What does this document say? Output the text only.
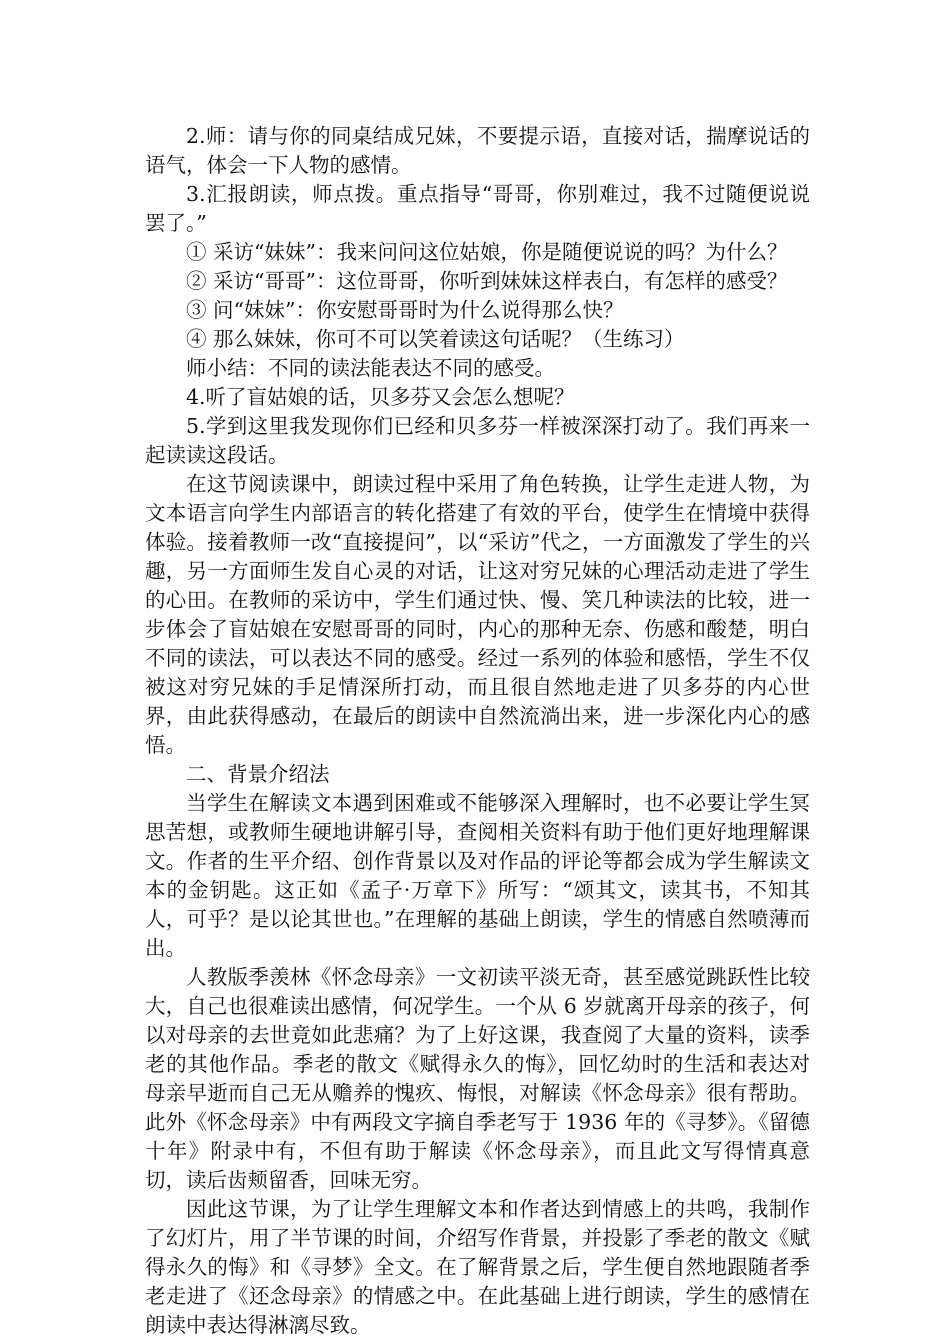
2.师：请与你的同桌结成兄妹，不要提示语，直接对话，揣摩说话的语气，体会一下人物的感情。

3.汇报朗读，师点拨。重点指导“哥哥，你别难过，我不过随便说说罢了。”

① 采访“妹妹”：我来问问这位姑娘，你是随便说说的吗？为什么？

② 采访“哥哥”：这位哥哥，你听到妹妹这样表白，有怎样的感受？

③ 问“妹妹”：你安慰哥哥时为什么说得那么快？

④ 那么妹妹，你可不可以笑着读这句话呢？（生练习）

师小结：不同的读法能表达不同的感受。

4.听了盲姑娘的话，贝多芬又会怎么想呢？

5.学到这里我发现你们已经和贝多芬一样被深深打动了。我们再来一起读读这段话。

在这节阅读课中，朗读过程中采用了角色转换，让学生走进人物，为文本语言向学生内部语言的转化搭建了有效的平台，使学生在情境中获得体验。接着教师一改“直接提问”，以“采访”代之，一方面激发了学生的兴趣，另一方面师生发自心灵的对话，让这对穷兄妹的心理活动走进了学生的心田。在教师的采访中，学生们通过快、慢、笑几种读法的比较，进一步体会了盲姑娘在安慰哥哥的同时，内心的那种无奈、伤感和酸楚，明白不同的读法，可以表达不同的感受。经过一系列的体验和感悟，学生不仅被这对穷兄妹的手足情深所打动，而且很自然地走进了贝多芬的内心世界，由此获得感动，在最后的朗读中自然流淌出来，进一步深化内心的感悟。

二、背景介绍法

当学生在解读文本遇到困难或不能够深入理解时，也不必要让学生冥思苦想，或教师生硬地讲解引导，查阅相关资料有助于他们更好地理解课文。作者的生平介绍、创作背景以及对作品的评论等都会成为学生解读文本的金钥匙。这正如《孟子·万章下》所写：“颂其文，读其书，不知其人，可乎？是以论其世也。”在理解的基础上朗读，学生的情感自然喷薄而出。

人教版季羡林《怀念母亲》一文初读平淡无奇，甚至感觉跳跃性比较大，自己也很难读出感情，何况学生。一个从 6 岁就离开母亲的孩子，何以对母亲的去世竟如此悲痛？为了上好这课，我查阅了大量的资料，读季老的其他作品。季老的散文《赋得永久的悔》，回忆幼时的生活和表达对母亲早逝而自己无从赡养的愧疚、悔恨，对解读《怀念母亲》很有帮助。此外《怀念母亲》中有两段文字摘自季老写于 1936 年的《寻梦》。《留德十年》附录中有，不但有助于解读《怀念母亲》，而且此文写得情真意切，读后齿颊留香，回味无穷。

因此这节课，为了让学生理解文本和作者达到情感上的共鸣，我制作了幻灯片，用了半节课的时间，介绍写作背景，并投影了季老的散文《赋得永久的悔》和《寻梦》全文。在了解背景之后，学生便自然地跟随者季老走进了《还念母亲》的情感之中。在此基础上进行朗读，学生的感情在朗读中表达得淋漓尽致。
